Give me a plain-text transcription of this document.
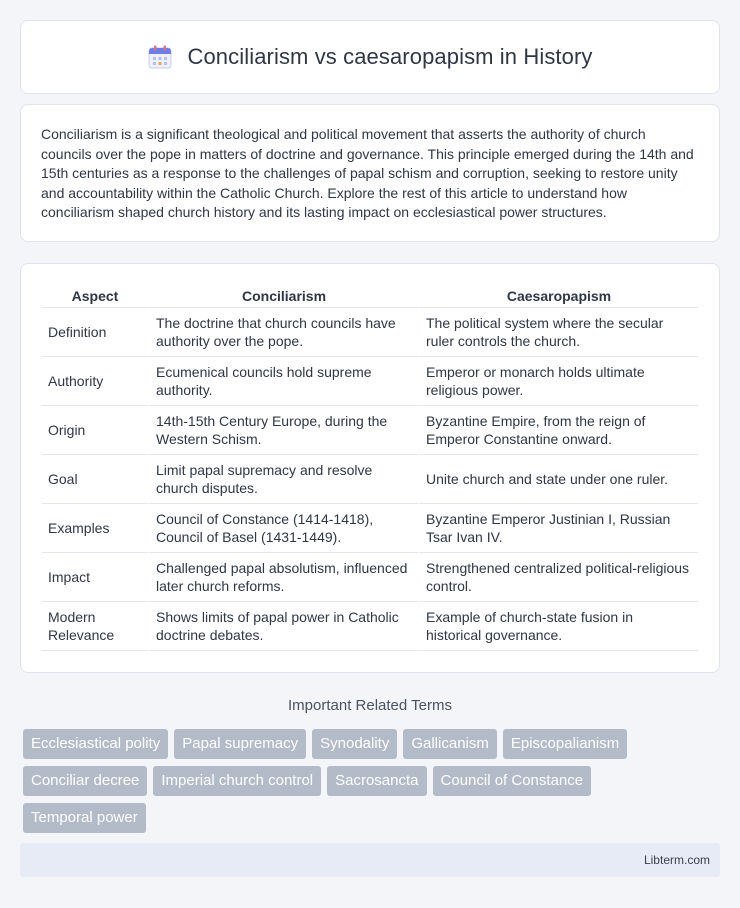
Conciliarism vs caesaropapism in History

Conciliarism is a significant theological and political movement that asserts the authority of church councils over the pope in matters of doctrine and governance. This principle emerged during the 14th and 15th centuries as a response to the challenges of papal schism and corruption, seeking to restore unity and accountability within the Catholic Church. Explore the rest of this article to understand how conciliarism shaped church history and its lasting impact on ecclesiastical power structures.

Aspect	Conciliarism	Caesaropapism
Definition	The doctrine that church councils have authority over the pope.	The political system where the secular ruler controls the church.
Authority	Ecumenical councils hold supreme authority.	Emperor or monarch holds ultimate religious power.
Origin	14th-15th Century Europe, during the Western Schism.	Byzantine Empire, from the reign of Emperor Constantine onward.
Goal	Limit papal supremacy and resolve church disputes.	Unite church and state under one ruler.
Examples	Council of Constance (1414-1418), Council of Basel (1431-1449).	Byzantine Emperor Justinian I, Russian Tsar Ivan IV.
Impact	Challenged papal absolutism, influenced later church reforms.	Strengthened centralized political-religious control.
Modern Relevance	Shows limits of papal power in Catholic doctrine debates.	Example of church-state fusion in historical governance.
Important Related Terms
Ecclesiastical polity	Papal supremacy	Synodality	Gallicanism	Episcopalianism
Conciliar decree	Imperial church control	Sacrosancta	Council of Constance
Temporal power
Libterm.com
